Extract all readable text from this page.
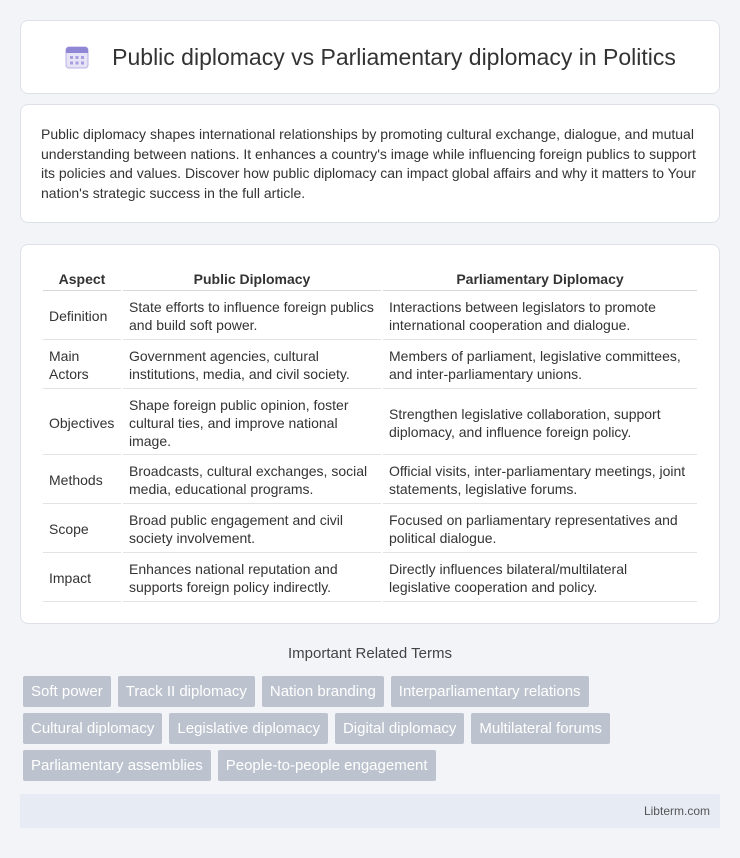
Public diplomacy vs Parliamentary diplomacy in Politics

Public diplomacy shapes international relationships by promoting cultural exchange, dialogue, and mutual understanding between nations. It enhances a country's image while influencing foreign publics to support its policies and values. Discover how public diplomacy can impact global affairs and why it matters to Your nation's strategic success in the full article.

Aspect	Public Diplomacy	Parliamentary Diplomacy
Definition	State efforts to influence foreign publics and build soft power.	Interactions between legislators to promote international cooperation and dialogue.
Main Actors	Government agencies, cultural institutions, media, and civil society.	Members of parliament, legislative committees, and inter-parliamentary unions.
Objectives	Shape foreign public opinion, foster cultural ties, and improve national image.	Strengthen legislative collaboration, support diplomacy, and influence foreign policy.
Methods	Broadcasts, cultural exchanges, social media, educational programs.	Official visits, inter-parliamentary meetings, joint statements, legislative forums.
Scope	Broad public engagement and civil society involvement.	Focused on parliamentary representatives and political dialogue.
Impact	Enhances national reputation and supports foreign policy indirectly.	Directly influences bilateral/multilateral legislative cooperation and policy.
Important Related Terms
Soft power	Track II diplomacy	Nation branding	Interparliamentary relations
Cultural diplomacy	Legislative diplomacy	Digital diplomacy	Multilateral forums
Parliamentary assemblies	People-to-people engagement
Libterm.com
